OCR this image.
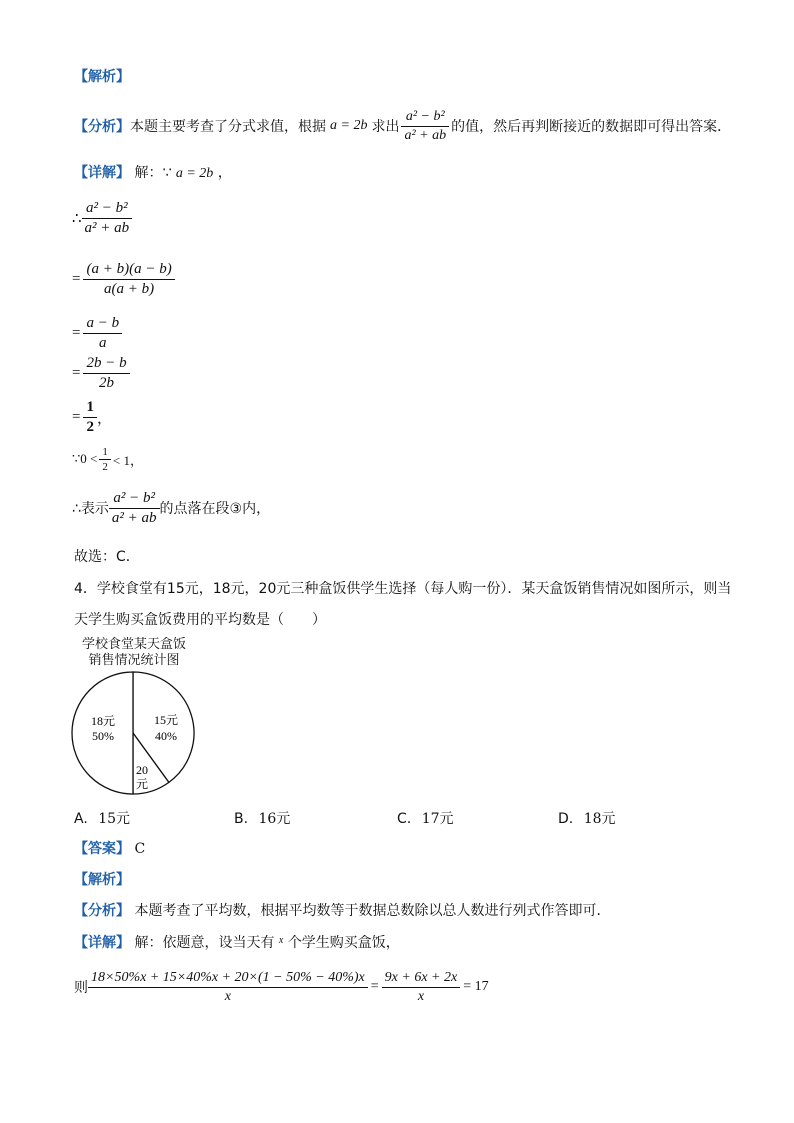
【解析】
【分析】 本题主要考查了分式求值，根据 a = 2b 求出 $\frac{\text{a² − b²}}{\text{a² + ab}}$ 的值，然后再判断接近的数据即可得出答案．
【详解】 解：∵ a = 2b ，
∴ $\frac{\text{a² − b²}}{\text{a² + ab}}$
= $\frac{(a + b)(a - b)}{a(a + b)}$
= $\frac{a - b}{a}$
= $\frac{2b - b}{2b}$
= $\frac{1}{2}$ ，
∵0 < $\frac{1}{2} < 1$，
∴表示 $\frac{\text{a² − b²}}{\text{a² + ab}}$ 的点落在段③内，
故选：C．
4．学校食堂有15元，18元，20元三种盒饭供学生选择（每人购一份）．某天盒饭销售情况如图所示，则当
天学生购买盒饭费用的平均数是（　　）
学校食堂某天盒饭
销售情况统计图
18元
50%
15元
40%
20 元
A. 15元	B. 16元	C. 17元	D. 18元
【答案】 C
【解析】
【分析】 本题考查了平均数，根据平均数等于数据总数除以总人数进行列式作答即可．
【详解】 解：依题意，设当天有 $^x$ 个学生购买盒饭，
则 $\frac{18\times 50\%x + 15\times 40\%x + 20\times(1 - 50\% - 40\%)x}{x} = \frac{9x + 6x + 2x}{x} = 17$
